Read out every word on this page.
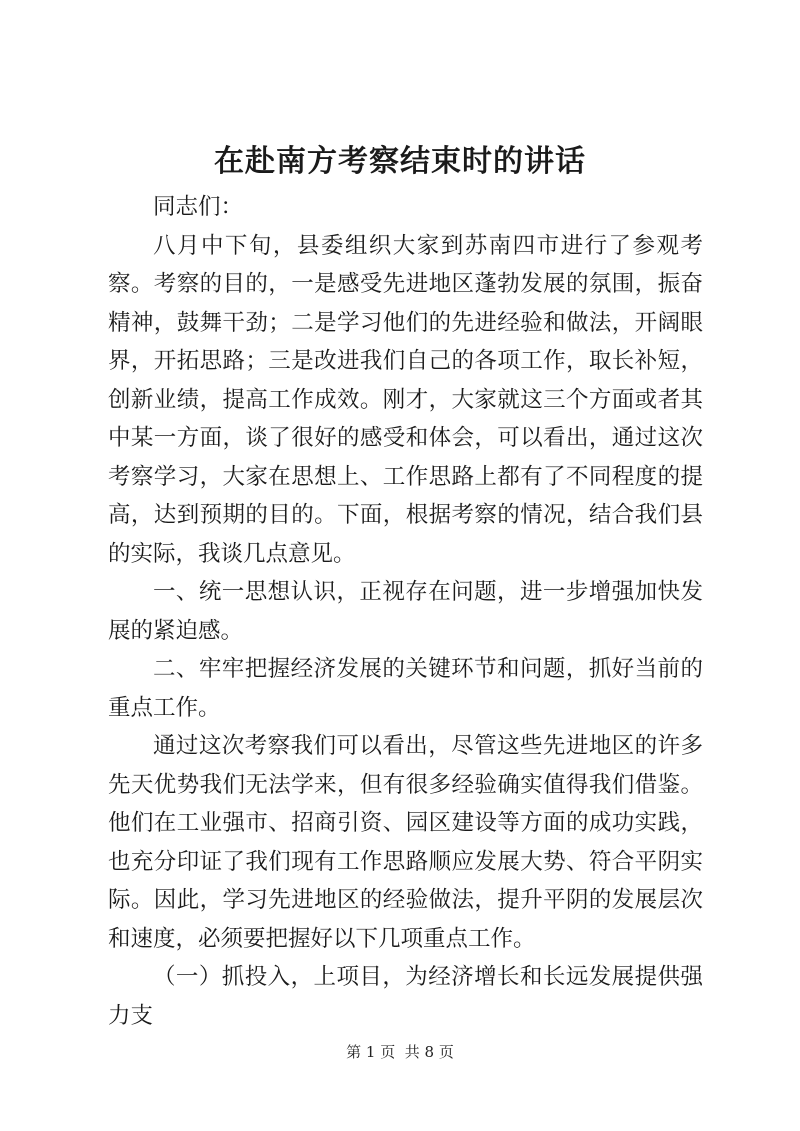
在赴南方考察结束时的讲话

同志们：

八月中下旬，县委组织大家到苏南四市进行了参观考察。考察的目的，一是感受先进地区蓬勃发展的氛围，振奋精神，鼓舞干劲；二是学习他们的先进经验和做法，开阔眼界，开拓思路；三是改进我们自己的各项工作，取长补短，创新业绩，提高工作成效。刚才，大家就这三个方面或者其中某一方面，谈了很好的感受和体会，可以看出，通过这次考察学习，大家在思想上、工作思路上都有了不同程度的提高，达到预期的目的。下面，根据考察的情况，结合我们县的实际，我谈几点意见。

一、统一思想认识，正视存在问题，进一步增强加快发展的紧迫感。

二、牢牢把握经济发展的关键环节和问题，抓好当前的重点工作。

通过这次考察我们可以看出，尽管这些先进地区的许多先天优势我们无法学来，但有很多经验确实值得我们借鉴。他们在工业强市、招商引资、园区建设等方面的成功实践，也充分印证了我们现有工作思路顺应发展大势、符合平阴实际。因此，学习先进地区的经验做法，提升平阴的发展层次和速度，必须要把握好以下几项重点工作。

（一）抓投入，上项目，为经济增长和长远发展提供强力支

第 1 页  共 8 页
